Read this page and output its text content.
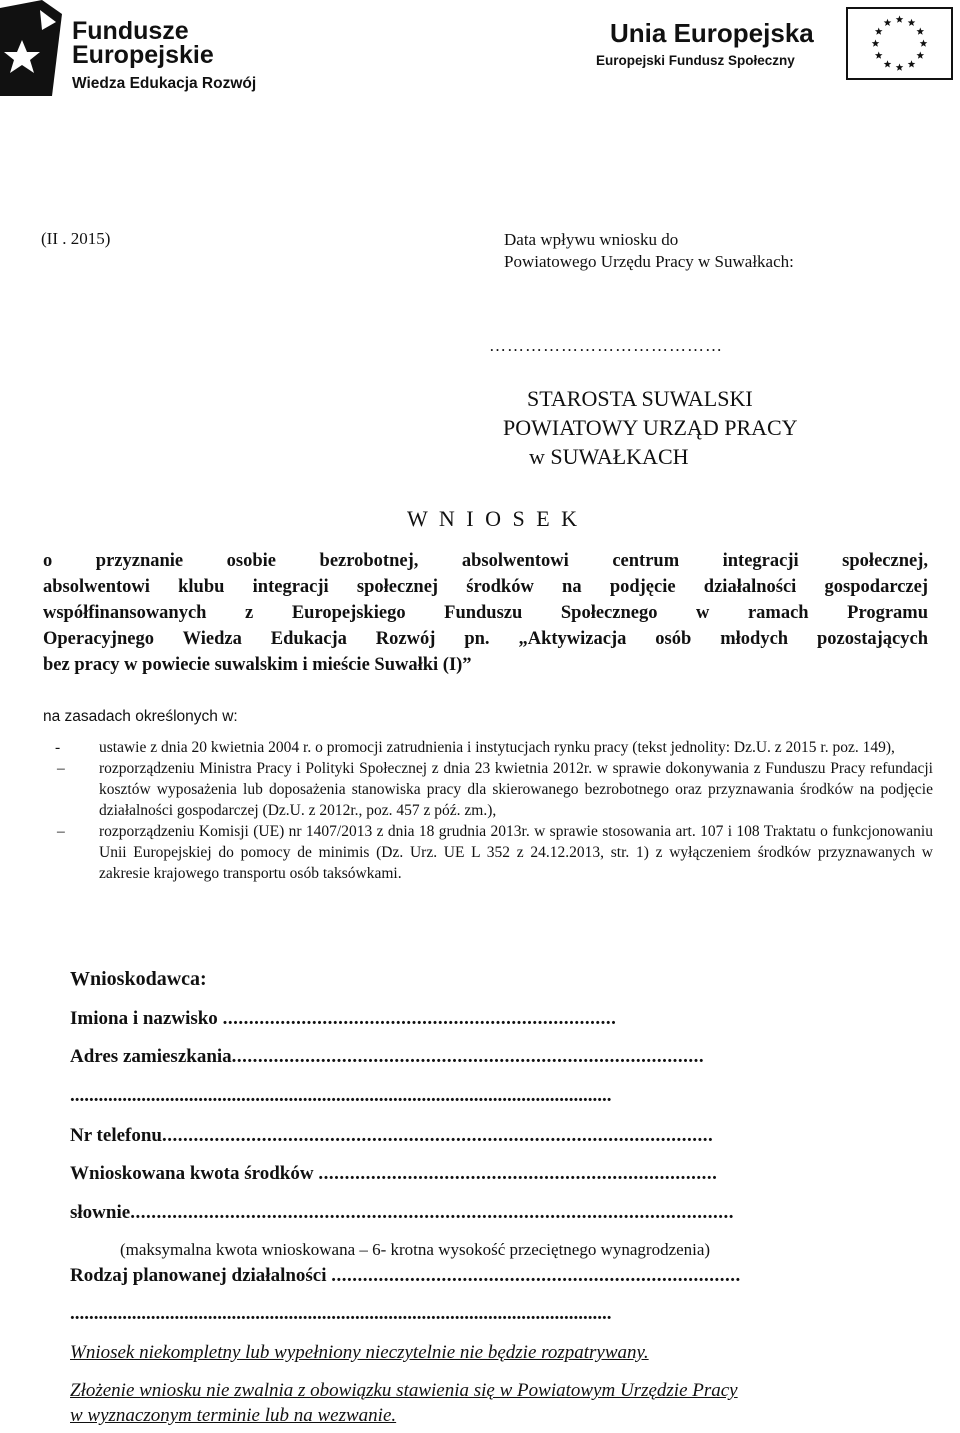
Fundusze
Europejskie
Wiedza Edukacja Rozwój
Unia Europejska
Europejski Fundusz Społeczny
(II . 2015)	Data wpływu wniosku do
Powiatowego Urzędu Pracy w Suwałkach:
…………………………………
STAROSTA SUWALSKI
POWIATOWY URZĄD PRACY
w SUWAŁKACH
W N I O S E K
o przyznanie osobie bezrobotnej, absolwentowi centrum integracji społecznej,
absolwentowi klubu integracji społecznej środków na podjęcie działalności gospodarczej
współfinansowanych z Europejskiego Funduszu Społecznego w ramach Programu
Operacyjnego Wiedza Edukacja Rozwój pn. „Aktywizacja osób młodych pozostających
bez pracy w powiecie suwalskim i mieście Suwałki (I)”
na zasadach określonych w:
-	ustawie z dnia 20 kwietnia 2004 r. o promocji zatrudnienia i instytucjach rynku pracy (tekst jednolity: Dz.U. z 2015 r. poz. 149),
– rozporządzeniu Ministra Pracy i Polityki Społecznej z dnia 23 kwietnia 2012r. w sprawie dokonywania z Funduszu Pracy refundacji kosztów wyposażenia lub doposażenia stanowiska pracy dla skierowanego bezrobotnego oraz przyznawania środków na podjęcie działalności gospodarczej (Dz.U. z 2012r., poz. 457 z póź. zm.),
– rozporządzeniu Komisji (UE) nr 1407/2013 z dnia 18 grudnia 2013r. w sprawie stosowania art. 107 i 108 Traktatu o funkcjonowaniu Unii Europejskiej do pomocy de minimis (Dz. Urz. UE L 352 z 24.12.2013, str. 1) z wyłączeniem środków przyznawanych w zakresie krajowego transportu osób taksówkami.
Wnioskodawca:
Imiona i nazwisko ...........................................................................
Adres zamieszkania..........................................................................................
..................................................................................................................
Nr telefonu.........................................................................................................
Wnioskowana kwota środków ............................................................................
słownie...................................................................................................................
(maksymalna kwota wnioskowana – 6- krotna wysokość przeciętnego wynagrodzenia)
Rodzaj planowanej działalności ..............................................................................
..................................................................................................................
Wniosek niekompletny lub wypełniony nieczytelnie nie będzie rozpatrywany.
Złożenie wniosku nie zwalnia z obowiązku stawienia się w Powiatowym Urzędzie Pracy
w wyznaczonym terminie lub na wezwanie.
